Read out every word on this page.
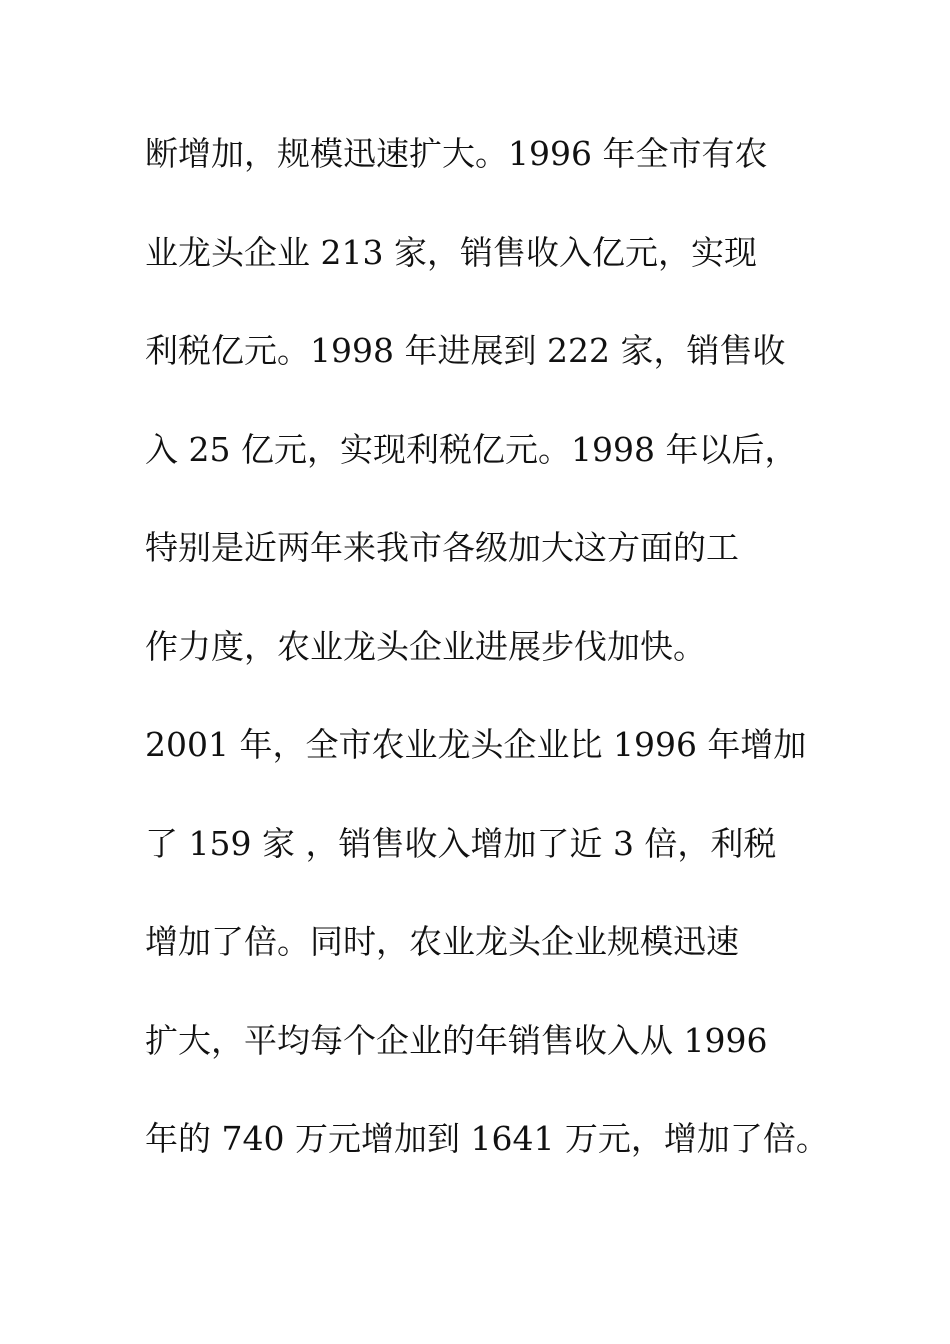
断增加，规模迅速扩大。1996 年全市有农
业龙头企业 213 家，销售收入亿元，实现
利税亿元。1998 年进展到 222 家，销售收
入 25 亿元，实现利税亿元。1998 年以后，
特别是近两年来我市各级加大这方面的工
作力度，农业龙头企业进展步伐加快。
2001 年，全市农业龙头企业比 1996 年增加
了 159 家 ，销售收入增加了近 3 倍，利税
增加了倍。同时，农业龙头企业规模迅速
扩大，平均每个企业的年销售收入从 1996
年的 740 万元增加到 1641 万元，增加了倍。
